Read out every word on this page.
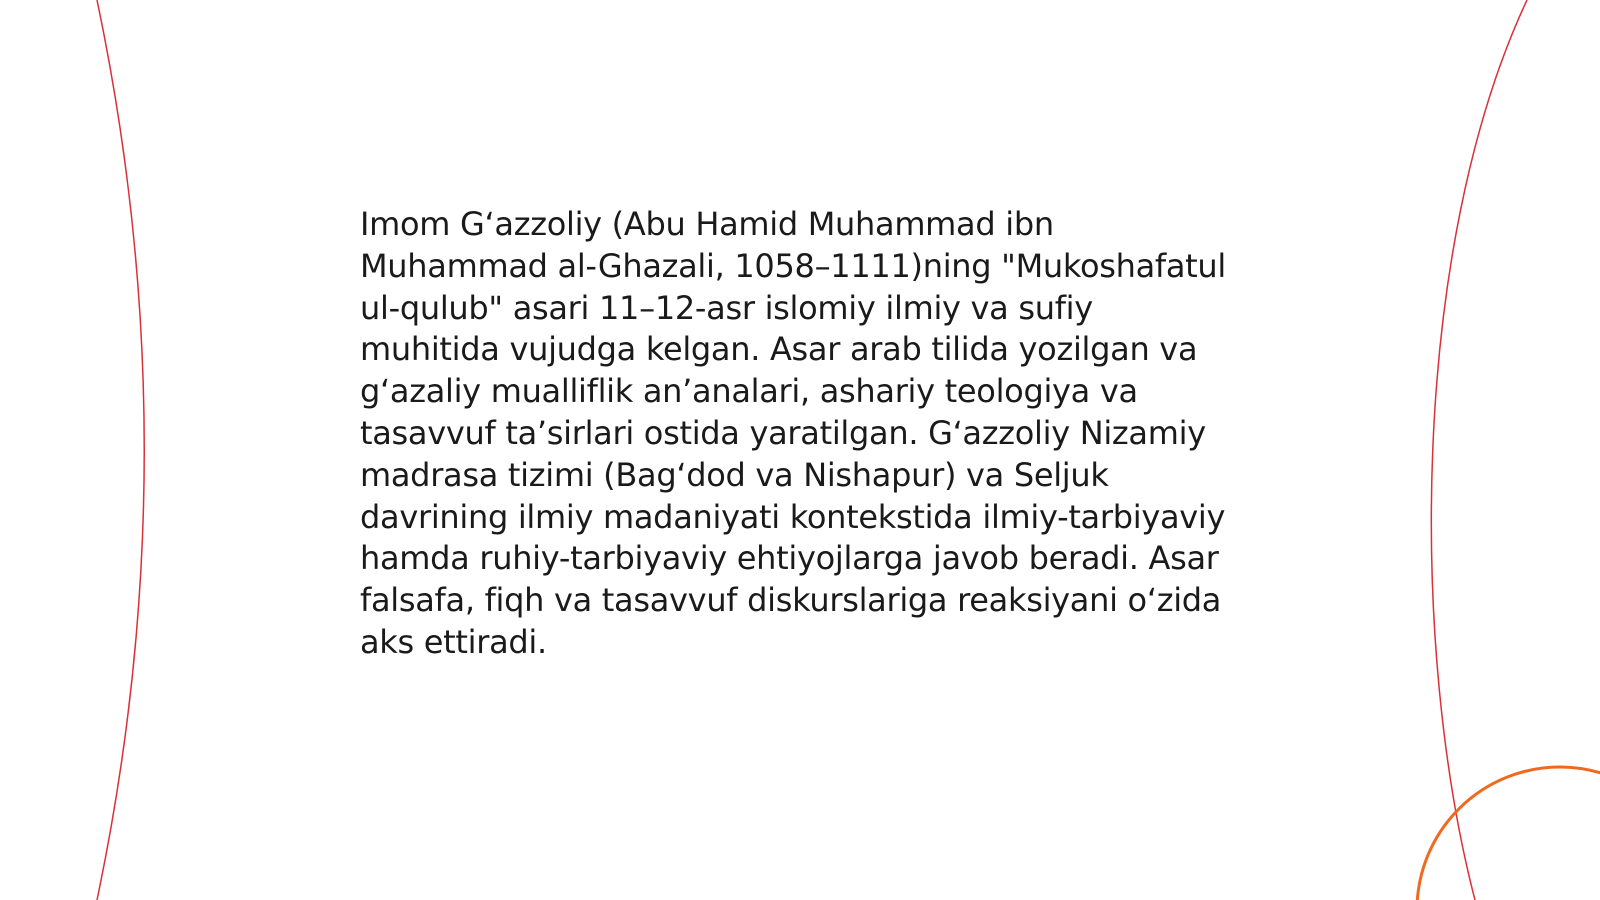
Imom G‘azzoliy (Abu Hamid Muhammad ibn Muhammad al-Ghazali, 1058–1111)ning "Mukoshafatul ul-qulub" asari 11–12-asr islomiy ilmiy va sufiy muhitida vujudga kelgan. Asar arab tilida yozilgan va g‘azaliy mualliflik an’analari, ashariy teologiya va tasavvuf ta’sirlari ostida yaratilgan. G‘azzoliy Nizamiy madrasa tizimi (Bag‘dod va Nishapur) va Seljuk davrining ilmiy madaniyati kontekstida ilmiy-tarbiyaviy hamda ruhiy-tarbiyaviy ehtiyojlarga javob beradi. Asar falsafa, fiqh va tasavvuf diskurslariga reaksiyani o‘zida aks ettiradi.
